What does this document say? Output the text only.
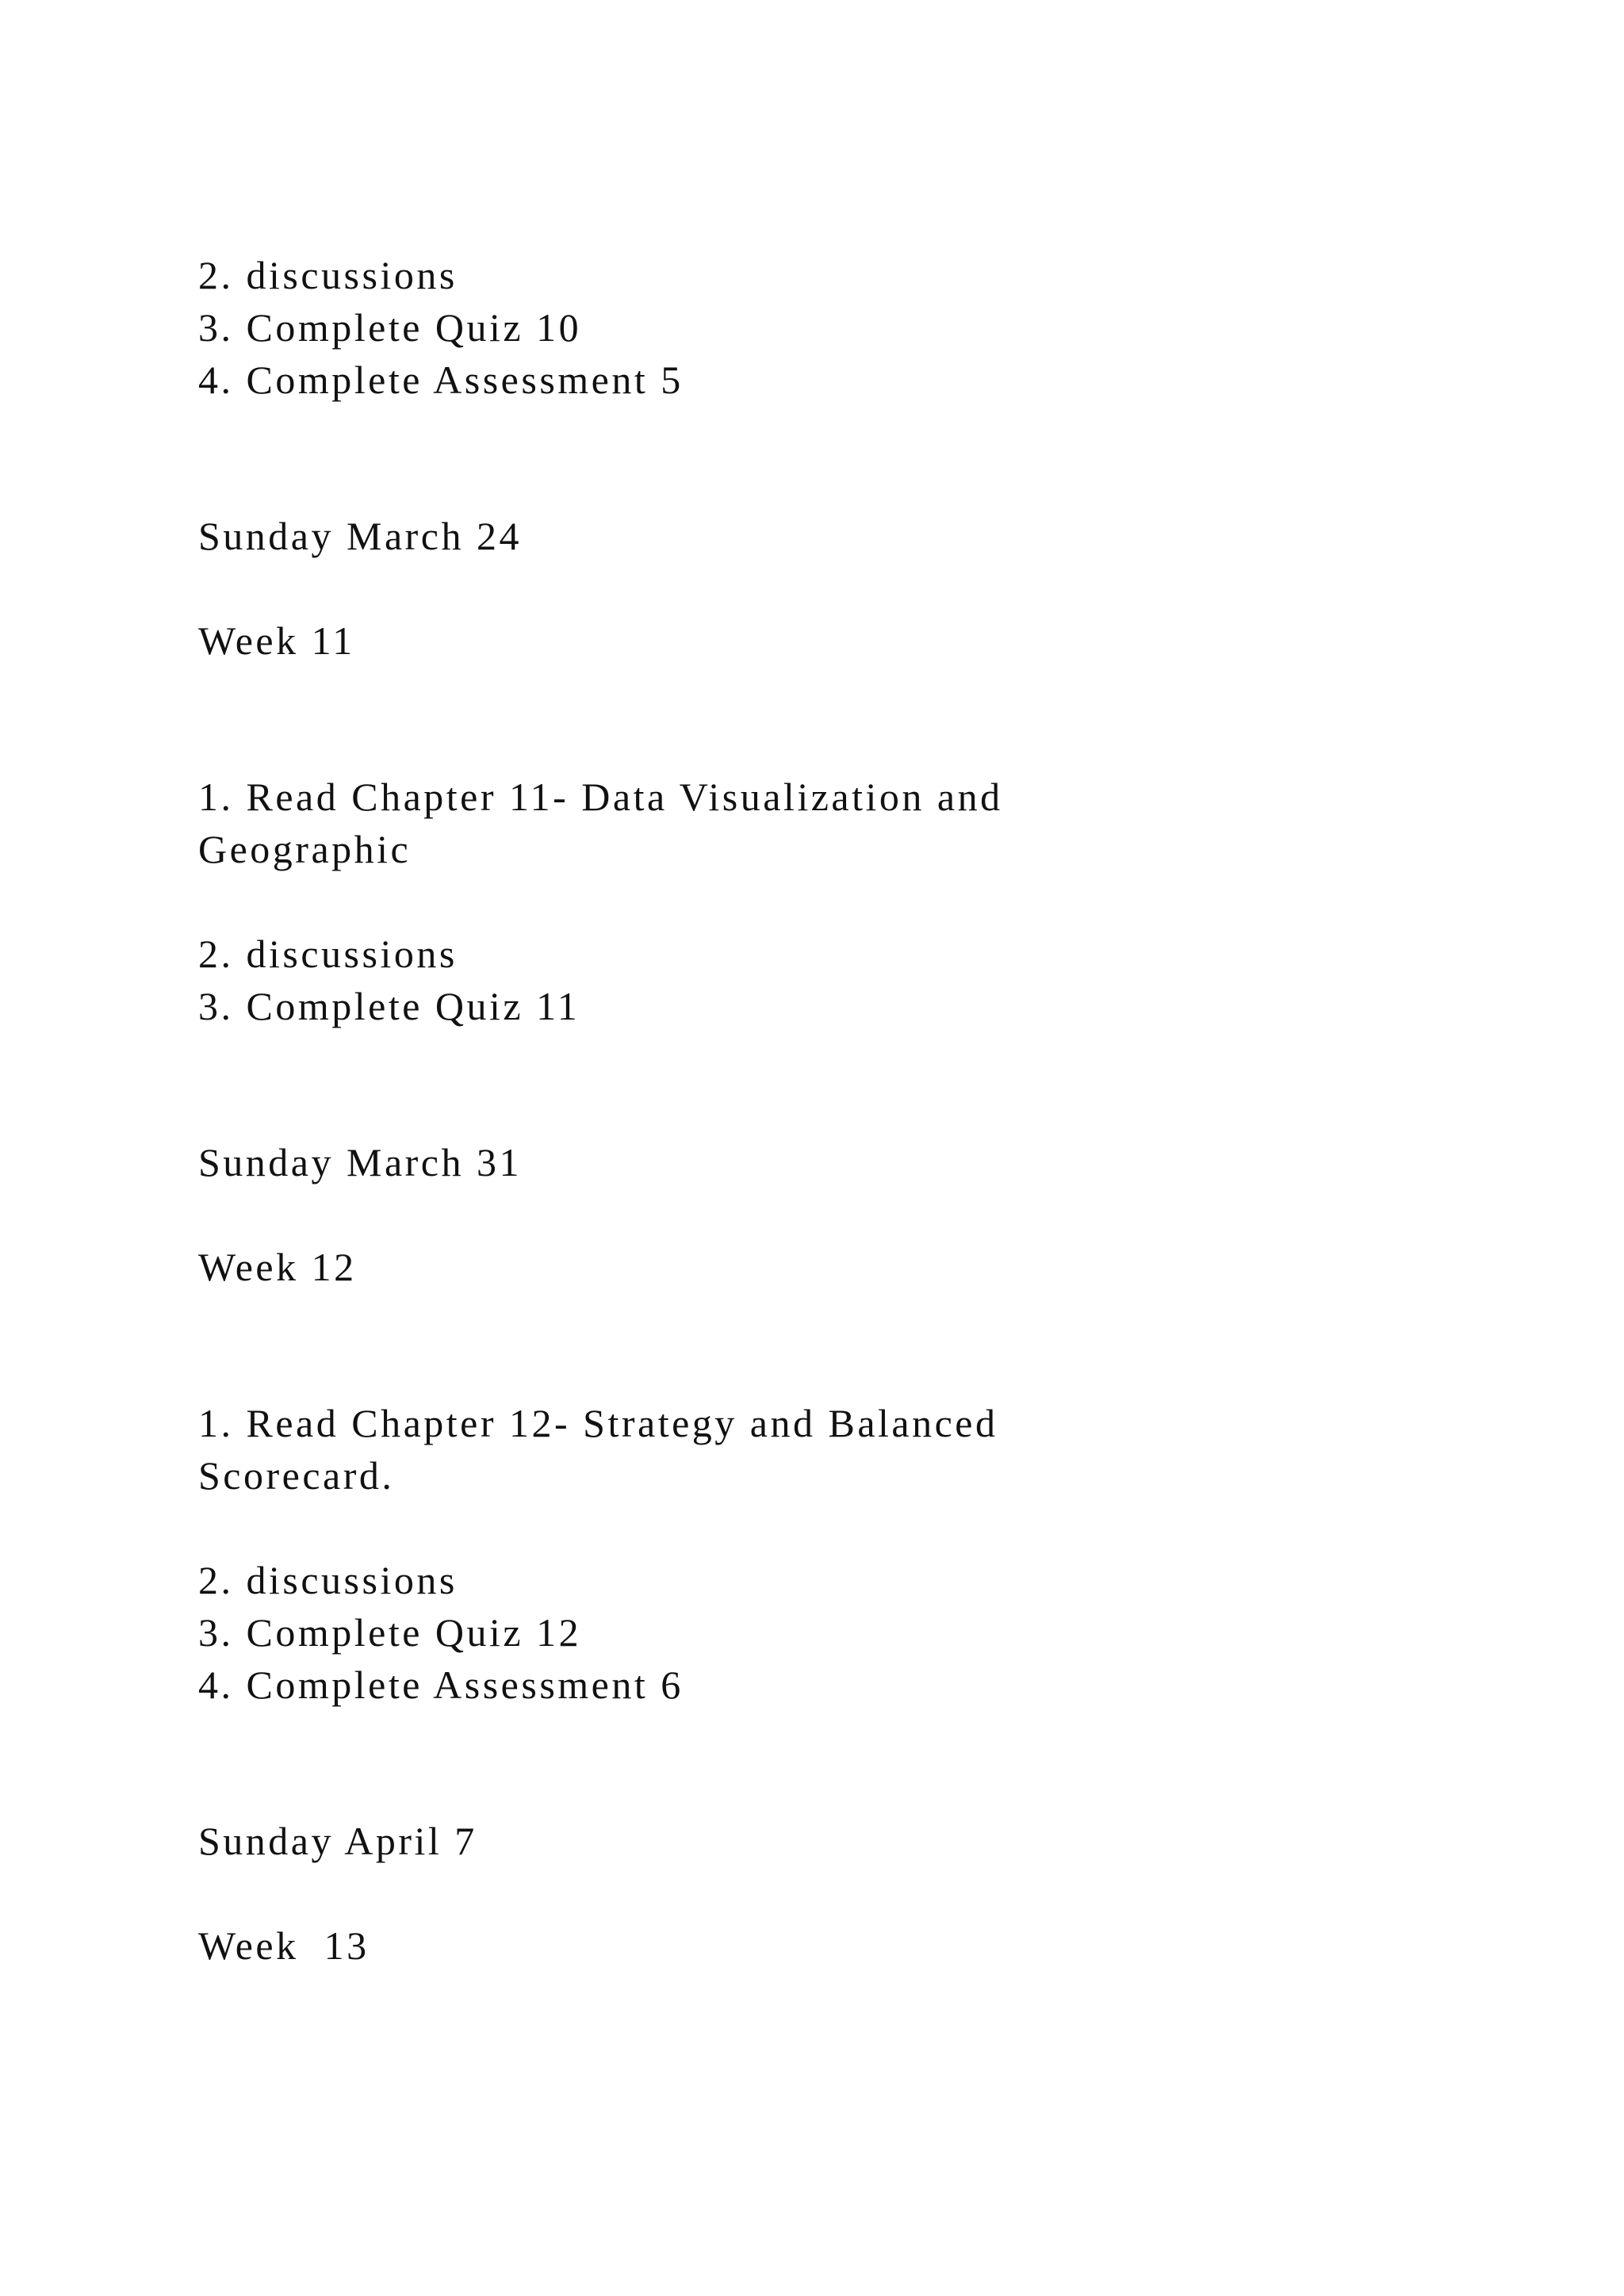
2. discussions

3. Complete Quiz 10

4. Complete Assessment 5

Sunday March 24

Week 11

1. Read Chapter 11- Data Visualization and

Geographic

2. discussions

3. Complete Quiz 11

Sunday March 31

Week 12

1. Read Chapter 12- Strategy and Balanced

Scorecard.

2. discussions

3. Complete Quiz 12

4. Complete Assessment 6

Sunday April 7

Week  13
